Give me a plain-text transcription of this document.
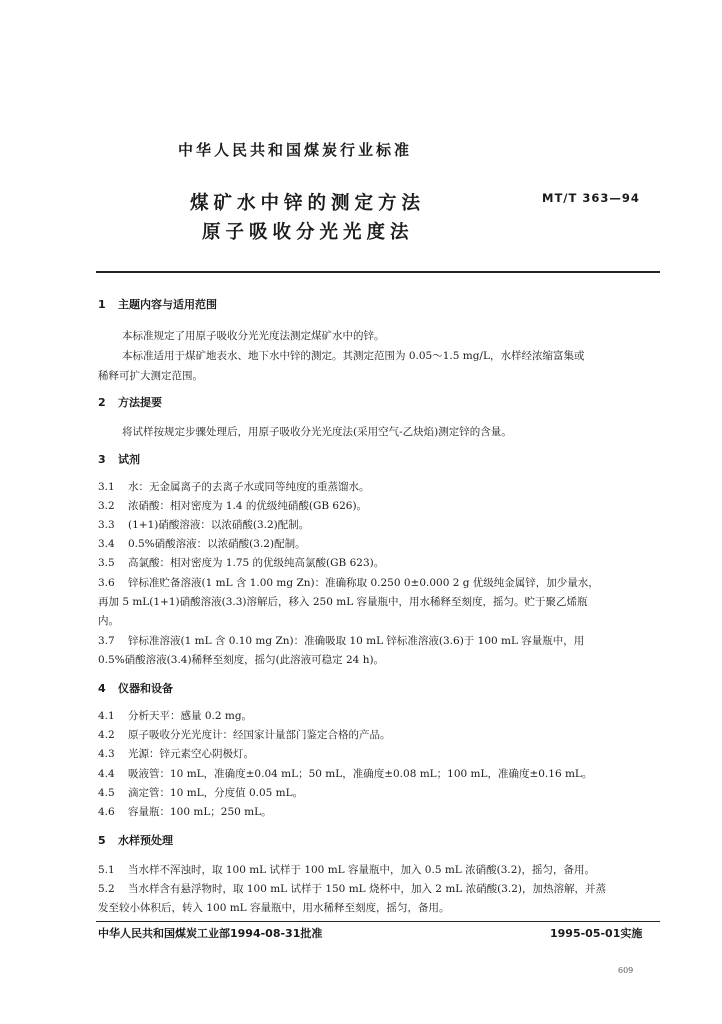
中华人民共和国煤炭行业标准
煤矿水中锌的测定方法
原子吸收分光光度法
MT/T 363—94
1 主题内容与适用范围
本标准规定了用原子吸收分光光度法测定煤矿水中的锌。
本标准适用于煤矿地表水、地下水中锌的测定。其测定范围为 0.05～1.5 mg/L，水样经浓缩富集或
稀释可扩大测定范围。
2 方法提要
将试样按规定步骤处理后，用原子吸收分光光度法(采用空气-乙炔焰)测定锌的含量。
3 试剂
3.1 水：无金属离子的去离子水或同等纯度的重蒸馏水。
3.2 浓硝酸：相对密度为 1.4 的优级纯硝酸(GB 626)。
3.3 (1+1)硝酸溶液：以浓硝酸(3.2)配制。
3.4 0.5%硝酸溶液：以浓硝酸(3.2)配制。
3.5 高氯酸：相对密度为 1.75 的优级纯高氯酸(GB 623)。
3.6 锌标准贮备溶液(1 mL 含 1.00 mg Zn)：准确称取 0.250 0±0.000 2 g 优级纯金属锌，加少量水，
再加 5 mL(1+1)硝酸溶液(3.3)溶解后，移入 250 mL 容量瓶中，用水稀释至刻度，摇匀。贮于聚乙烯瓶
内。
3.7 锌标准溶液(1 mL 含 0.10 mg Zn)：准确吸取 10 mL 锌标准溶液(3.6)于 100 mL 容量瓶中，用
0.5%硝酸溶液(3.4)稀释至刻度，摇匀(此溶液可稳定 24 h)。
4 仪器和设备
4.1 分析天平：感量 0.2 mg。
4.2 原子吸收分光光度计：经国家计量部门鉴定合格的产品。
4.3 光源：锌元素空心阴极灯。
4.4 吸液管：10 mL，准确度±0.04 mL；50 mL，准确度±0.08 mL；100 mL，准确度±0.16 mL。
4.5 滴定管：10 mL，分度值 0.05 mL。
4.6 容量瓶：100 mL；250 mL。
5 水样预处理
5.1 当水样不浑浊时，取 100 mL 试样于 100 mL 容量瓶中，加入 0.5 mL 浓硝酸(3.2)，摇匀，备用。
5.2 当水样含有悬浮物时，取 100 mL 试样于 150 mL 烧杯中，加入 2 mL 浓硝酸(3.2)，加热溶解，并蒸
发至较小体积后，转入 100 mL 容量瓶中，用水稀释至刻度，摇匀，备用。
中华人民共和国煤炭工业部1994-08-31批准	1995-05-01实施
609
